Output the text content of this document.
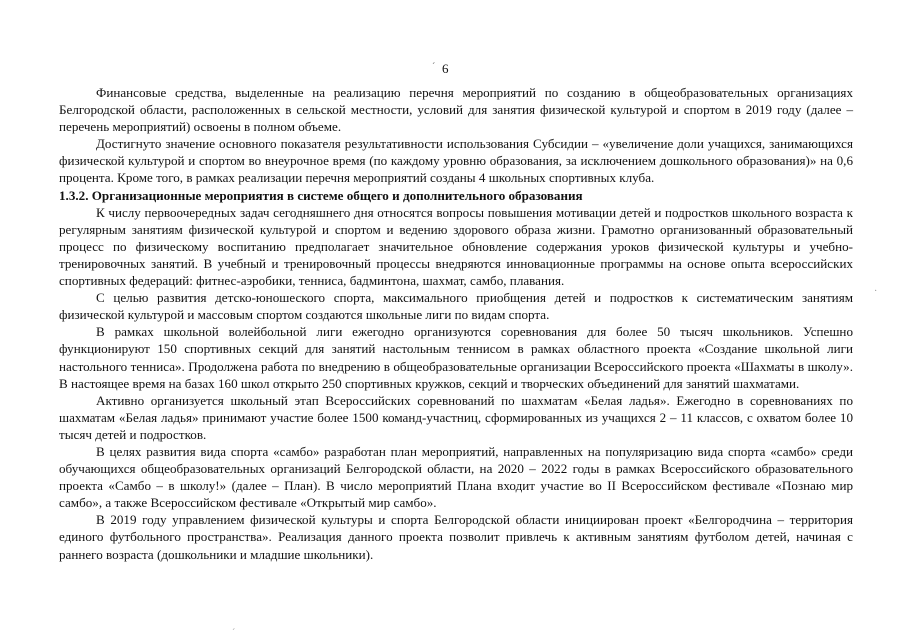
ˊ 6

Финансовые средства, выделенные на реализацию перечня мероприятий по созданию в общеобразовательных организациях Белгородской области, расположенных в сельской местности, условий для занятия физической культурой и спортом в 2019 году (далее – перечень мероприятий) освоены в полном объеме.

Достигнуто значение основного показателя результативности использования Субсидии – «увеличение доли учащихся, занимающихся физической культурой и спортом во внеурочное время (по каждому уровню образования, за исключением дошкольного образования)» на 0,6 процента. Кроме того, в рамках реализации перечня мероприятий созданы 4 школьных спортивных клуба.

1.3.2. Организационные мероприятия в системе общего и дополнительного образования

К числу первоочередных задач сегодняшнего дня относятся вопросы повышения мотивации детей и подростков школьного возраста к регулярным занятиям физической культурой и спортом и ведению здорового образа жизни. Грамотно организованный образовательный процесс по физическому воспитанию предполагает значительное обновление содержания уроков физической культуры и учебно-тренировочных занятий. В учебный и тренировочный процессы внедряются инновационные программы на основе опыта всероссийских спортивных федераций: фитнес-аэробики, тенниса, бадминтона, шахмат, самбо, плавания.

С целью развития детско-юношеского спорта, максимального приобщения детей и подростков к систематическим занятиям физической культурой и массовым спортом создаются школьные лиги по видам спорта.

В рамках школьной волейбольной лиги ежегодно организуются соревнования для более 50 тысяч школьников. Успешно функционируют 150 спортивных секций для занятий настольным теннисом в рамках областного проекта «Создание школьной лиги настольного тенниса». Продолжена работа по внедрению в общеобразовательные организации Всероссийского проекта «Шахматы в школу». В настоящее время на базах 160 школ открыто 250 спортивных кружков, секций и творческих объединений для занятий шахматами.

Активно организуется школьный этап Всероссийских соревнований по шахматам «Белая ладья». Ежегодно в соревнованиях по шахматам «Белая ладья» принимают участие более 1500 команд-участниц, сформированных из учащихся 2 – 11 классов, с охватом более 10 тысяч детей и подростков.

В целях развития вида спорта «самбо» разработан план мероприятий, направленных на популяризацию вида спорта «самбо» среди обучающихся общеобразовательных организаций Белгородской области, на 2020 – 2022 годы в рамках Всероссийского образовательного проекта «Самбо – в школу!» (далее – План). В число мероприятий Плана входит участие во II Всероссийском фестивале «Познаю мир самбо», а также Всероссийском фестивале «Открытый мир самбо».

В 2019 году управлением физической культуры и спорта Белгородской области инициирован проект «Белгородчина – территория единого футбольного пространства». Реализация данного проекта позволит привлечь к активным занятиям футболом детей, начиная с раннего возраста (дошкольники и младшие школьники).

·
ˊ
